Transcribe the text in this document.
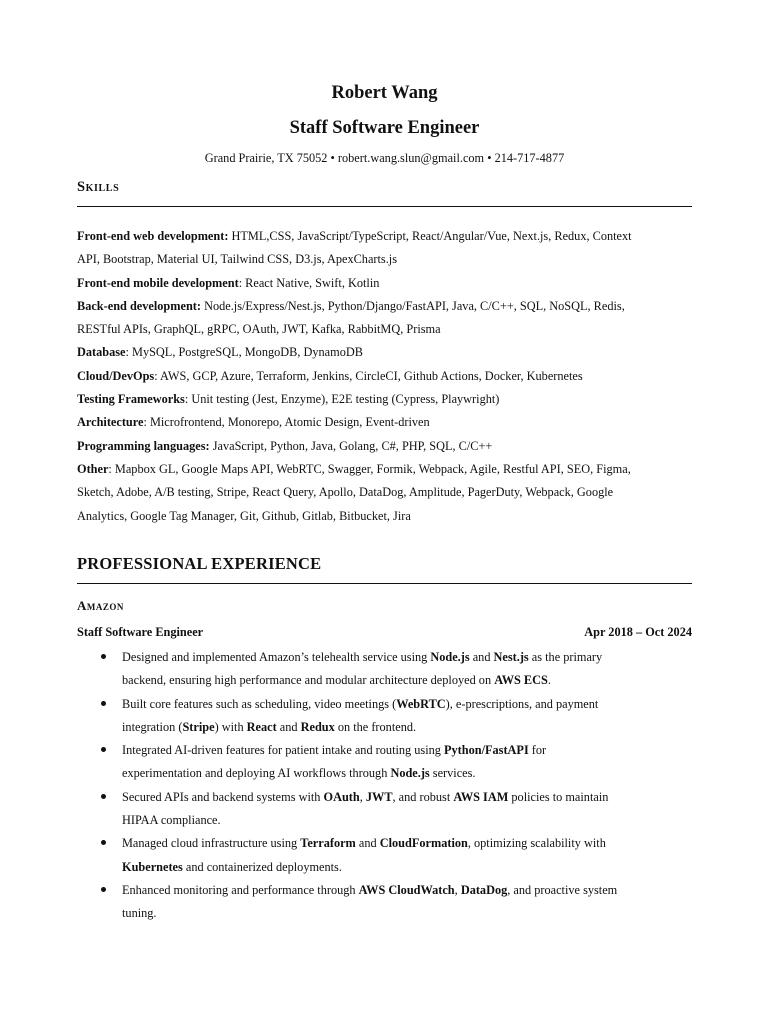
Robert Wang
Staff Software Engineer
Grand Prairie, TX 75052 • robert.wang.slun@gmail.com • 214-717-4877
Skills
Front-end web development: HTML,CSS, JavaScript/TypeScript, React/Angular/Vue, Next.js, Redux, Context
API, Bootstrap, Material UI, Tailwind CSS, D3.js, ApexCharts.js
Front-end mobile development: React Native, Swift, Kotlin
Back-end development: Node.js/Express/Nest.js, Python/Django/FastAPI, Java, C/C++, SQL, NoSQL, Redis,
RESTful APIs, GraphQL, gRPC, OAuth, JWT, Kafka, RabbitMQ, Prisma
Database: MySQL, PostgreSQL, MongoDB, DynamoDB
Cloud/DevOps: AWS, GCP, Azure, Terraform, Jenkins, CircleCI, Github Actions, Docker, Kubernetes
Testing Frameworks: Unit testing (Jest, Enzyme), E2E testing (Cypress, Playwright)
Architecture: Microfrontend, Monorepo, Atomic Design, Event-driven
Programming languages: JavaScript, Python, Java, Golang, C#, PHP, SQL, C/C++
Other: Mapbox GL, Google Maps API, WebRTC, Swagger, Formik, Webpack, Agile, Restful API, SEO, Figma,
Sketch, Adobe, A/B testing, Stripe, React Query, Apollo, DataDog, Amplitude, PagerDuty, Webpack, Google
Analytics, Google Tag Manager, Git, Github, Gitlab, Bitbucket, Jira
PROFESSIONAL EXPERIENCE
Amazon
Staff Software Engineer	Apr 2018 – Oct 2024
Designed and implemented Amazon’s telehealth service using Node.js and Nest.js as the primary
backend, ensuring high performance and modular architecture deployed on AWS ECS.
Built core features such as scheduling, video meetings (WebRTC), e-prescriptions, and payment
integration (Stripe) with React and Redux on the frontend.
Integrated AI-driven features for patient intake and routing using Python/FastAPI for
experimentation and deploying AI workflows through Node.js services.
Secured APIs and backend systems with OAuth, JWT, and robust AWS IAM policies to maintain
HIPAA compliance.
Managed cloud infrastructure using Terraform and CloudFormation, optimizing scalability with
Kubernetes and containerized deployments.
Enhanced monitoring and performance through AWS CloudWatch, DataDog, and proactive system
tuning.
